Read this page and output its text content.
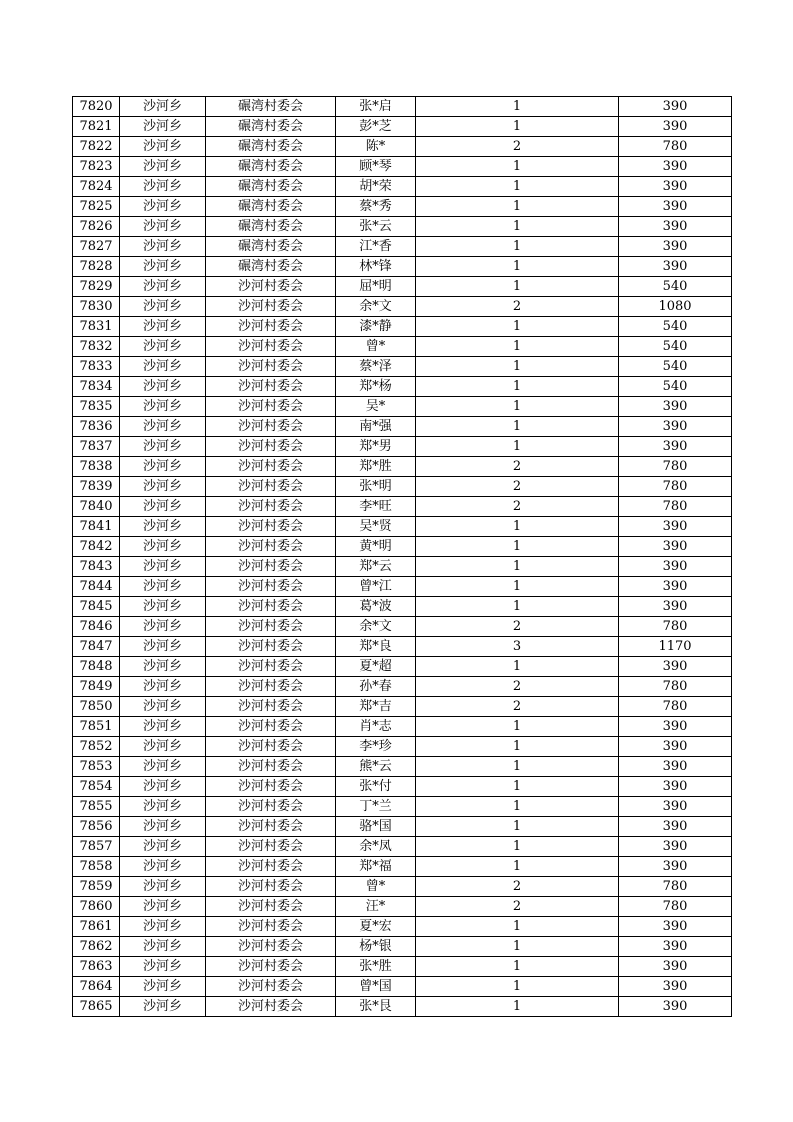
7820	沙河乡	碾湾村委会	张*启	1	390
7821	沙河乡	碾湾村委会	彭*芝	1	390
7822	沙河乡	碾湾村委会	陈*	2	780
7823	沙河乡	碾湾村委会	顾*琴	1	390
7824	沙河乡	碾湾村委会	胡*荣	1	390
7825	沙河乡	碾湾村委会	蔡*秀	1	390
7826	沙河乡	碾湾村委会	张*云	1	390
7827	沙河乡	碾湾村委会	江*香	1	390
7828	沙河乡	碾湾村委会	林*锋	1	390
7829	沙河乡	沙河村委会	屈*明	1	540
7830	沙河乡	沙河村委会	余*文	2	1080
7831	沙河乡	沙河村委会	漆*静	1	540
7832	沙河乡	沙河村委会	曾*	1	540
7833	沙河乡	沙河村委会	蔡*泽	1	540
7834	沙河乡	沙河村委会	郑*杨	1	540
7835	沙河乡	沙河村委会	吴*	1	390
7836	沙河乡	沙河村委会	南*强	1	390
7837	沙河乡	沙河村委会	郑*男	1	390
7838	沙河乡	沙河村委会	郑*胜	2	780
7839	沙河乡	沙河村委会	张*明	2	780
7840	沙河乡	沙河村委会	李*旺	2	780
7841	沙河乡	沙河村委会	吴*贤	1	390
7842	沙河乡	沙河村委会	黄*明	1	390
7843	沙河乡	沙河村委会	郑*云	1	390
7844	沙河乡	沙河村委会	曾*江	1	390
7845	沙河乡	沙河村委会	葛*波	1	390
7846	沙河乡	沙河村委会	余*文	2	780
7847	沙河乡	沙河村委会	郑*良	3	1170
7848	沙河乡	沙河村委会	夏*超	1	390
7849	沙河乡	沙河村委会	孙*春	2	780
7850	沙河乡	沙河村委会	郑*吉	2	780
7851	沙河乡	沙河村委会	肖*志	1	390
7852	沙河乡	沙河村委会	李*珍	1	390
7853	沙河乡	沙河村委会	熊*云	1	390
7854	沙河乡	沙河村委会	张*付	1	390
7855	沙河乡	沙河村委会	丁*兰	1	390
7856	沙河乡	沙河村委会	骆*国	1	390
7857	沙河乡	沙河村委会	余*凤	1	390
7858	沙河乡	沙河村委会	郑*福	1	390
7859	沙河乡	沙河村委会	曾*	2	780
7860	沙河乡	沙河村委会	汪*	2	780
7861	沙河乡	沙河村委会	夏*宏	1	390
7862	沙河乡	沙河村委会	杨*银	1	390
7863	沙河乡	沙河村委会	张*胜	1	390
7864	沙河乡	沙河村委会	曾*国	1	390
7865	沙河乡	沙河村委会	张*艮	1	390
